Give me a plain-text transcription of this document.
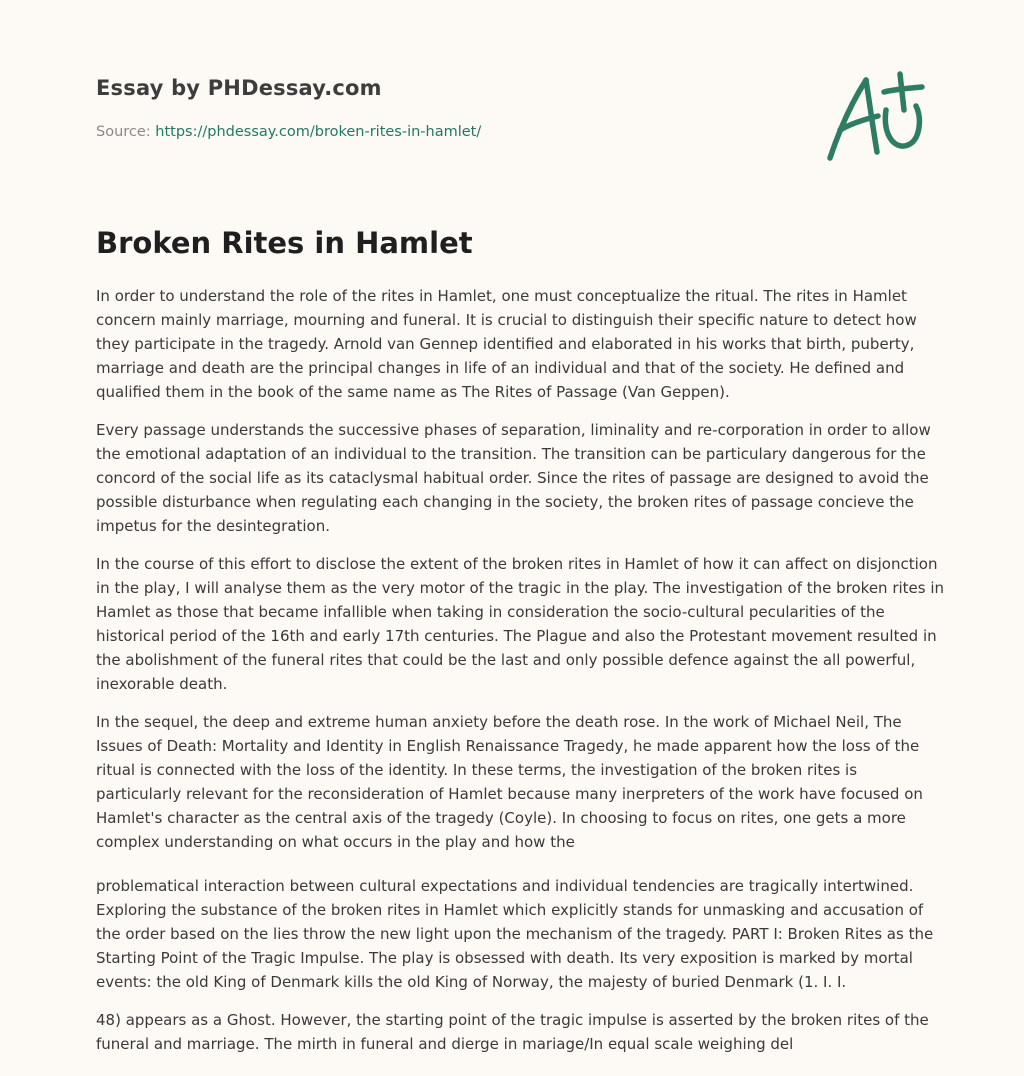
Essay by PHDessay.com
Source: https://phdessay.com/broken-rites-in-hamlet/
Broken Rites in Hamlet

In order to understand the role of the rites in Hamlet, one must conceptualize the ritual. The rites in Hamlet concern mainly marriage, mourning and funeral. It is crucial to distinguish their specific nature to detect how they participate in the tragedy. Arnold van Gennep identified and elaborated in his works that birth, puberty, marriage and death are the principal changes in life of an individual and that of the society. He defined and qualified them in the book of the same name as The Rites of Passage (Van Geppen).

Every passage understands the successive phases of separation, liminality and re-corporation in order to allow the emotional adaptation of an individual to the transition. The transition can be particulary dangerous for the concord of the social life as its cataclysmal habitual order. Since the rites of passage are designed to avoid the possible disturbance when regulating each changing in the society, the broken rites of passage concieve the impetus for the desintegration.

In the course of this effort to disclose the extent of the broken rites in Hamlet of how it can affect on disjonction in the play, I will analyse them as the very motor of the tragic in the play. The investigation of the broken rites in Hamlet as those that became infallible when taking in consideration the socio-cultural pecularities of the historical period of the 16th and early 17th centuries. The Plague and also the Protestant movement resulted in the abolishment of the funeral rites that could be the last and only possible defence against the all powerful, inexorable death.

In the sequel, the deep and extreme human anxiety before the death rose. In the work of Michael Neil, The Issues of Death: Mortality and Identity in English Renaissance Tragedy, he made apparent how the loss of the ritual is connected with the loss of the identity. In these terms, the investigation of the broken rites is particularly relevant for the reconsideration of Hamlet because many inerpreters of the work have focused on Hamlet's character as the central axis of the tragedy (Coyle). In choosing to focus on rites, one gets a more complex understanding on what occurs in the play and how the

problematical interaction between cultural expectations and individual tendencies are tragically intertwined. Exploring the substance of the broken rites in Hamlet which explicitly stands for unmasking and accusation of the order based on the lies throw the new light upon the mechanism of the tragedy. PART I: Broken Rites as the Starting Point of the Tragic Impulse. The play is obsessed with death. Its very exposition is marked by mortal events: the old King of Denmark kills the old King of Norway, the majesty of buried Denmark (1. I. I.

48) appears as a Ghost. However, the starting point of the tragic impulse is asserted by the broken rites of the funeral and marriage. The mirth in funeral and dierge in mariage/In equal scale weighing del
